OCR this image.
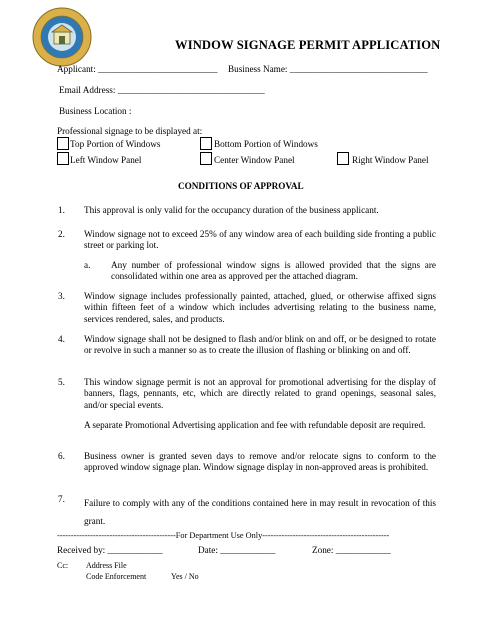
WINDOW SIGNAGE PERMIT APPLICATION
Applicant: __________________________ Business Name: ______________________________
Email Address: ________________________________
Business Location :
Professional signage to be displayed at:
Top Portion of Windows	Bottom Portion of Windows
Left Window Panel	Center Window Panel	Right Window Panel
CONDITIONS OF APPROVAL
1. This approval is only valid for the occupancy duration of the business applicant.
2. Window signage not to exceed 25% of any window area of each building side fronting a public street or parking lot.
a. Any number of professional window signs is allowed provided that the signs are consolidated within one area as approved per the attached diagram.
3. Window signage includes professionally painted, attached, glued, or otherwise affixed signs within fifteen feet of a window which includes advertising relating to the business name, services rendered, sales, and products.
4. Window signage shall not be designed to flash and/or blink on and off, or be designed to rotate or revolve in such a manner so as to create the illusion of flashing or blinking on and off.
5. This window signage permit is not an approval for promotional advertising for the display of banners, flags, pennants, etc, which are directly related to grand openings, seasonal sales, and/or special events.
A separate Promotional Advertising application and fee with refundable deposit are required.
6. Business owner is granted seven days to remove and/or relocate signs to conform to the approved window signage plan. Window signage display in non-approved areas is prohibited.
7. Failure to comply with any of the conditions contained here in may result in revocation of this grant.
-------------------------------------------For Department Use Only----------------------------------------------
Received by: ____________	Date: ____________	Zone: ____________
Cc: Address File
Code Enforcement	Yes / No
